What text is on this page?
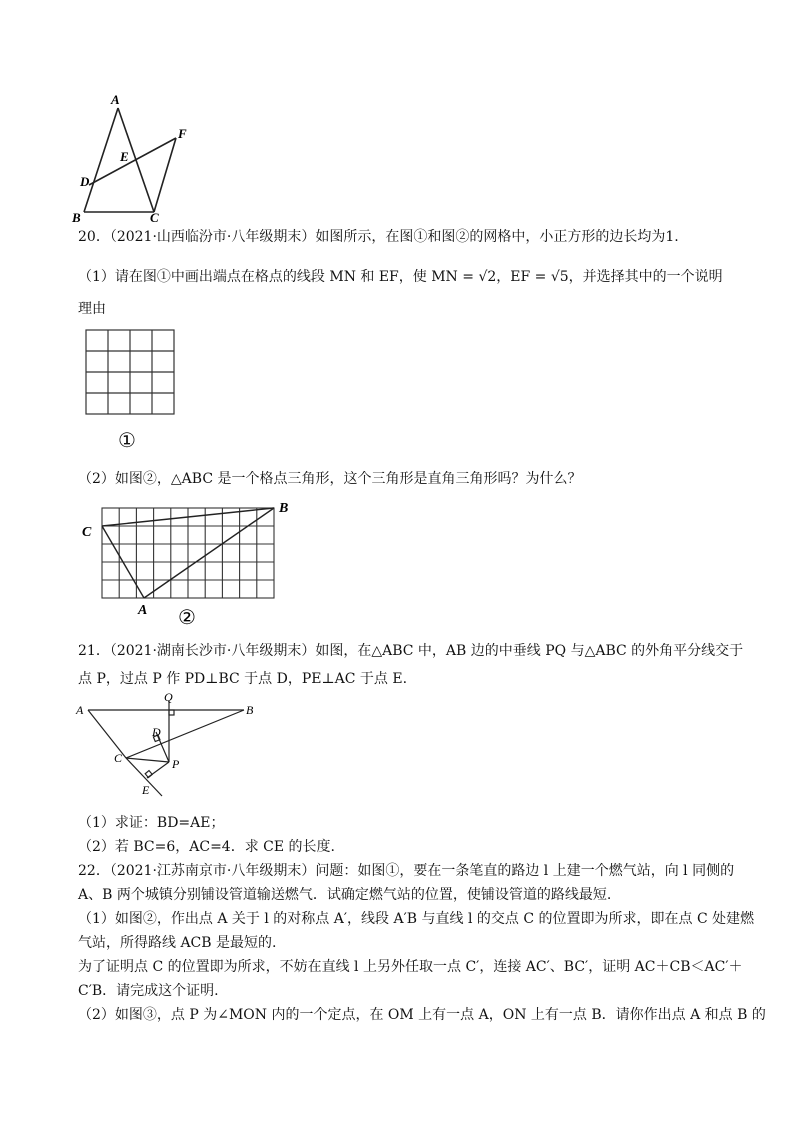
A
F
E
D
B	C
20．（2021·山西临汾市·八年级期末）如图所示，在图①和图②的网格中，小正方形的边长均为1.
（1）请在图①中画出端点在格点的线段 MN 和 EF，使 MN = √2，EF = √5，并选择其中的一个说明
理由
①
（2）如图②，△ABC 是一个格点三角形，这个三角形是直角三角形吗？为什么？
C
B
A ②
21．（2021·湖南长沙市·八年级期末）如图，在△ABC 中，AB 边的中垂线 PQ 与△ABC 的外角平分线交于
点 P，过点 P 作 PD⊥BC 于点 D，PE⊥AC 于点 E.
A
Q
B
D
C	P
E
（1）求证：BD=AE；
（2）若 BC=6，AC=4．求 CE 的长度.
22．（2021·江苏南京市·八年级期末）问题：如图①，要在一条笔直的路边 l 上建一个燃气站，向 l 同侧的
A、B 两个城镇分别铺设管道输送燃气．试确定燃气站的位置，使铺设管道的路线最短.
（1）如图②，作出点 A 关于 l 的对称点 A′，线段 A′B 与直线 l 的交点 C 的位置即为所求，即在点 C 处建燃
气站，所得路线 ACB 是最短的.
为了证明点 C 的位置即为所求，不妨在直线 l 上另外任取一点 C′，连接 AC′、BC′，证明 AC＋CB＜AC′＋
C′B．请完成这个证明.
（2）如图③，点 P 为∠MON 内的一个定点，在 OM 上有一点 A，ON 上有一点 B．请你作出点 A 和点 B 的
